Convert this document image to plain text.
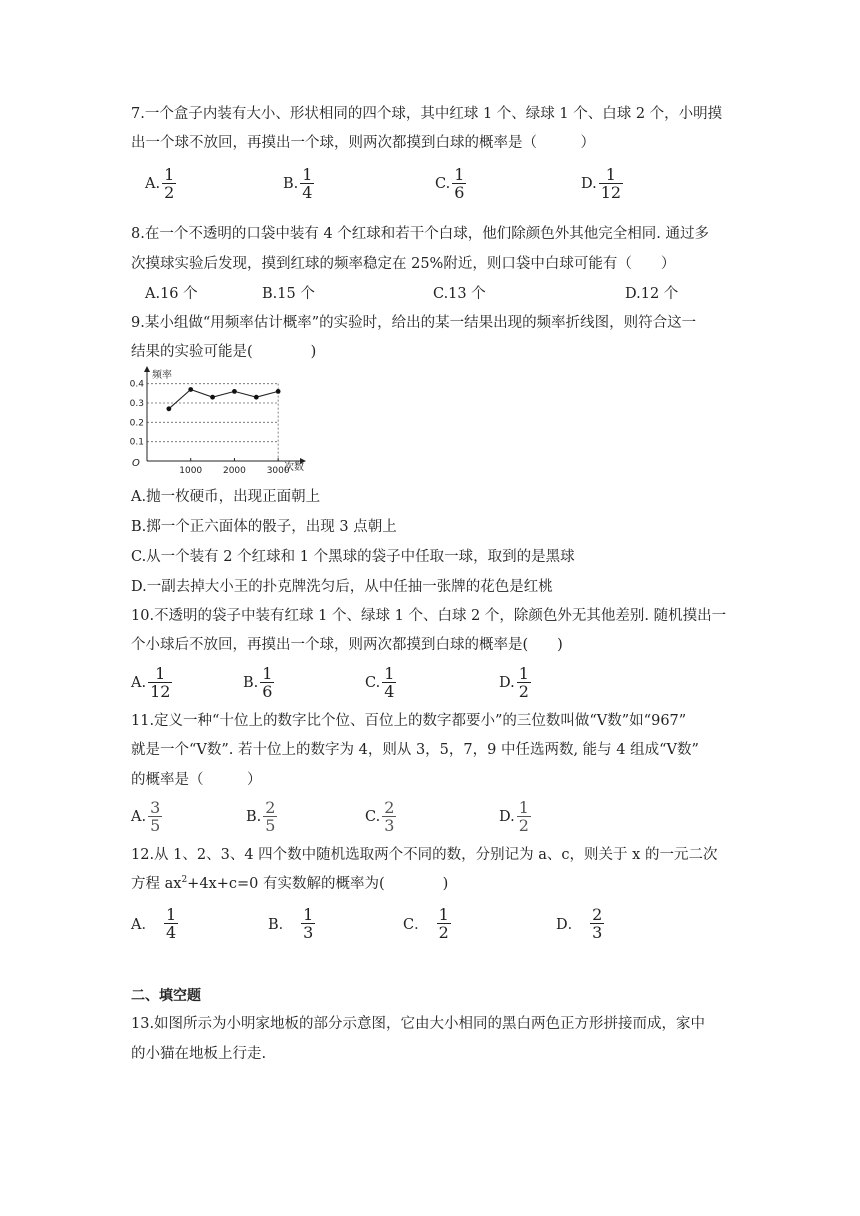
7.一个盒子内装有大小、形状相同的四个球，其中红球 1 个、绿球 1 个、白球 2 个，小明摸
出一个球不放回，再摸出一个球，则两次都摸到白球的概率是（　　　）
A. $\frac{1}{2}$	B. $\frac{1}{4}$	C. $\frac{1}{6}$	D. $\frac{1}{12}$
8.在一个不透明的口袋中装有 4 个红球和若干个白球，他们除颜色外其他完全相同. 通过多
次摸球实验后发现，摸到红球的频率稳定在 25%附近，则口袋中白球可能有（　　）
A.16 个	B.15 个	C.13 个	D.12 个
9.某小组做“用频率估计概率”的实验时，给出的某一结果出现的频率折线图，则符合这一
结果的实验可能是(　　　　)
0.1
0.2
0.3
0.4
1000 2000 3000
频率
次数
O
A.抛一枚硬币，出现正面朝上
B.掷一个正六面体的骰子，出现 3 点朝上
C.从一个装有 2 个红球和 1 个黑球的袋子中任取一球，取到的是黑球
D.一副去掉大小王的扑克牌洗匀后，从中任抽一张牌的花色是红桃
10.不透明的袋子中装有红球 1 个、绿球 1 个、白球 2 个，除颜色外无其他差别. 随机摸出一
个小球后不放回，再摸出一个球，则两次都摸到白球的概率是(　　)
A. $\frac{1}{12}$	B. $\frac{1}{6}$	C. $\frac{1}{4}$	D. $\frac{1}{2}$
11.定义一种“十位上的数字比个位、百位上的数字都要小”的三位数叫做“V数”如“967”
就是一个“V数”. 若十位上的数字为 4，则从 3，5，7，9 中任选两数, 能与 4 组成“V数”
的概率是（　　　）
A. $\frac{3}{5}$	B. $\frac{2}{5}$	C. $\frac{2}{3}$	D. $\frac{1}{2}$
12.从 1、2、3、4 四个数中随机选取两个不同的数，分别记为 a、c，则关于 x 的一元二次
方程 $ax^2+4x+c=0$ 有实数解的概率为(　　　　)
A． $\frac{1}{4}$	B． $\frac{1}{3}$	C． $\frac{1}{2}$	D． $\frac{2}{3}$
二、填空题
13.如图所示为小明家地板的部分示意图，它由大小相同的黑白两色正方形拼接而成，家中
的小猫在地板上行走.
